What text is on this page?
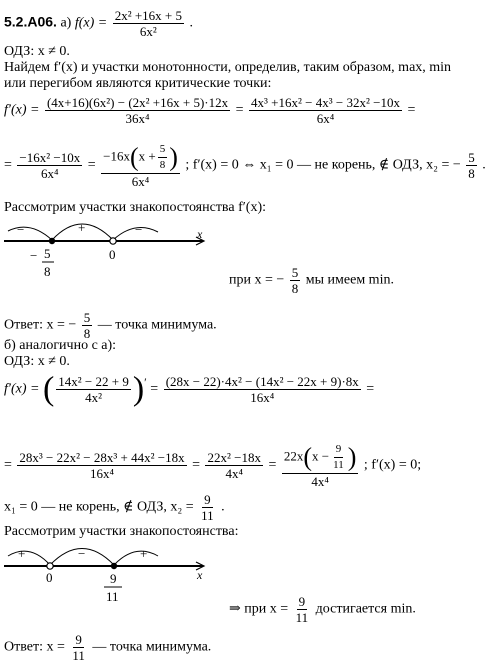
5.2.А06. а) $f(x) = \frac{\text{2x² +16x + 5}}{\text{6x²}}$ .
ОДЗ: x ≠ 0.
Найдем f′(x) и участки монотонности, определив, таким образом, max, min
или перегибом являются критические точки:
$f'(x) = \frac{\text{(4x+16)(6x²) − (2x² +16x + 5)·12x}}{\text{36x⁴}} = \frac{\text{4x³ +16x² − 4x³ − 32x² −10x}}{\text{6x⁴}}$ =
= $\frac{\text{−16x² −10x}}{\text{6x⁴}} = \frac{-16x(x + \frac{5}{8} )}{\text{6x⁴}}$ ; f′(x) = 0 ⇔ x₁ = 0 — не корень, ∉ ОДЗ, x₂ = − $\frac{5}{8}$ .
Рассмотрим участки знакопостоянства f′(x):
x
−	+	−
− 5
8
0
при x = − $\frac{5}{8}$ мы имеем min.
Ответ: x = − $\frac{5}{8}$ — точка минимума.
б) аналогично с а):
ОДЗ: x ≠ 0.
f′(x) = ( $\frac{\text{14x² − 22 + 9}}{\text{4x²}}$ )′ = $\frac{\text{(28x − 22)·4x² − (14x² − 22x + 9)·8x}}{\text{16x⁴}}$ =
= $\frac{\text{28x³ − 22x² − 28x³ + 44x² −18x}}{\text{16x⁴}} = \frac{\text{22x² −18x}}{\text{4x⁴}} = \frac{22x(x - \frac{9}{11} )}{\text{4x⁴}}$ ; f′(x) = 0;
x₁ = 0 — не корень, ∉ ОДЗ, $x_2 = \frac{9}{11}$ .
Рассмотрим участки знакопостоянства:
x
+	−	+
0	9
11
⇒ при $x = \frac{9}{11}$ достигается min.
Ответ: $x = \frac{9}{11}$ — точка минимума.
